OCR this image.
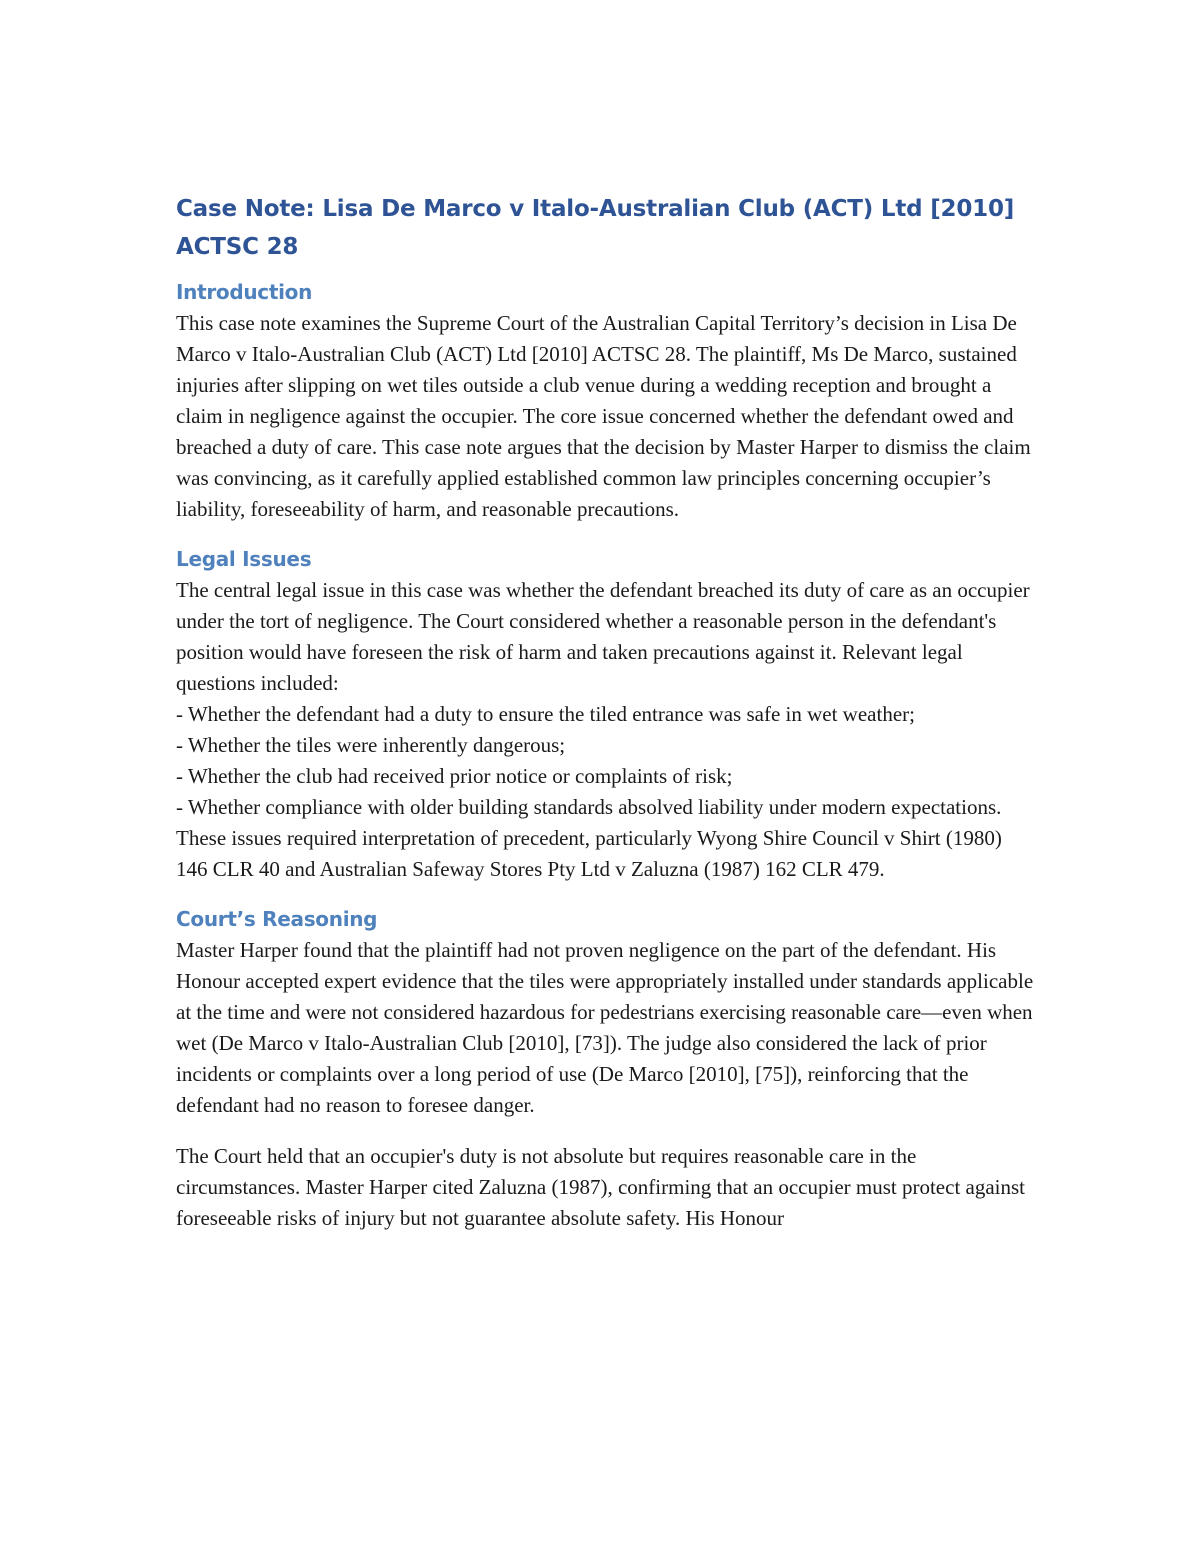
Case Note: Lisa De Marco v Italo-Australian Club (ACT) Ltd [2010] ACTSC 28
Introduction

This case note examines the Supreme Court of the Australian Capital Territory’s decision in Lisa De Marco v Italo-Australian Club (ACT) Ltd [2010] ACTSC 28. The plaintiff, Ms De Marco, sustained injuries after slipping on wet tiles outside a club venue during a wedding reception and brought a claim in negligence against the occupier. The core issue concerned whether the defendant owed and breached a duty of care. This case note argues that the decision by Master Harper to dismiss the claim was convincing, as it carefully applied established common law principles concerning occupier’s liability, foreseeability of harm, and reasonable precautions.

Legal Issues

The central legal issue in this case was whether the defendant breached its duty of care as an occupier under the tort of negligence. The Court considered whether a reasonable person in the defendant's position would have foreseen the risk of harm and taken precautions against it. Relevant legal questions included:

- Whether the defendant had a duty to ensure the tiled entrance was safe in wet weather;

- Whether the tiles were inherently dangerous;

- Whether the club had received prior notice or complaints of risk;

- Whether compliance with older building standards absolved liability under modern expectations.

These issues required interpretation of precedent, particularly Wyong Shire Council v Shirt (1980) 146 CLR 40 and Australian Safeway Stores Pty Ltd v Zaluzna (1987) 162 CLR 479.

Court’s Reasoning

Master Harper found that the plaintiff had not proven negligence on the part of the defendant. His Honour accepted expert evidence that the tiles were appropriately installed under standards applicable at the time and were not considered hazardous for pedestrians exercising reasonable care—even when wet (De Marco v Italo-Australian Club [2010], [73]). The judge also considered the lack of prior incidents or complaints over a long period of use (De Marco [2010], [75]), reinforcing that the defendant had no reason to foresee danger.

The Court held that an occupier's duty is not absolute but requires reasonable care in the circumstances. Master Harper cited Zaluzna (1987), confirming that an occupier must protect against foreseeable risks of injury but not guarantee absolute safety. His Honour
